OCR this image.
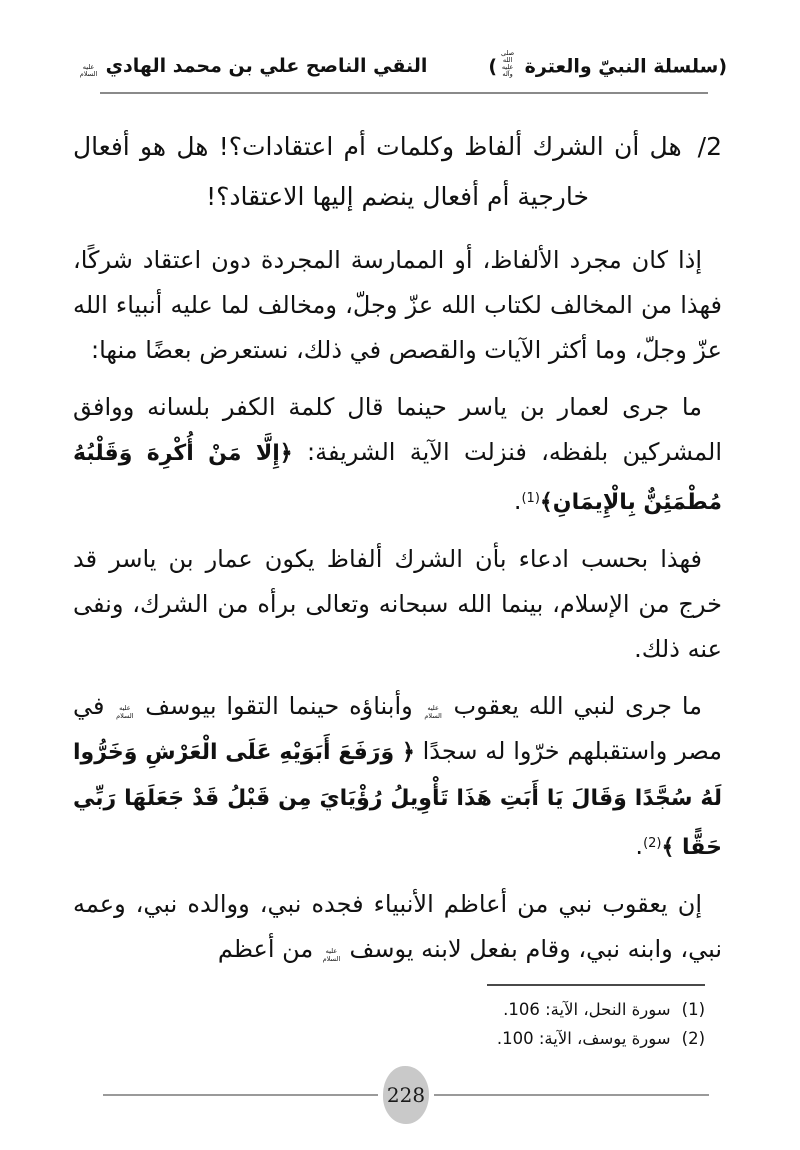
(سلسلة النبيّ والعترة صلى الله عليه وآله)
النقي الناصح علي بن محمد الهادي عليه السلام

2/هل أن الشرك ألفاظ وكلمات أم اعتقادات؟! هل هو أفعال خارجية أم أفعال ينضم إليها الاعتقاد؟!

إذا كان مجرد الألفاظ، أو الممارسة المجردة دون اعتقاد شركًا، فهذا من المخالف لكتاب الله عزّ وجلّ، ومخالف لما عليه أنبياء الله عزّ وجلّ، وما أكثر الآيات والقصص في ذلك، نستعرض بعضًا منها:

ما جرى لعمار بن ياسر حينما قال كلمة الكفر بلسانه ووافق المشركين بلفظه، فنزلت الآية الشريفة: ﴿إِلَّا مَنْ أُكْرِهَ وَقَلْبُهُ مُطْمَئِنٌّ بِالْإِيمَانِ﴾$^{(1)}$.

فهذا بحسب ادعاء بأن الشرك ألفاظ يكون عمار بن ياسر قد خرج من الإسلام، بينما الله سبحانه وتعالى برأه من الشرك، ونفى عنه ذلك.

ما جرى لنبي الله يعقوب عليه السلام وأبناؤه حينما التقوا بيوسف عليه السلام في مصر واستقبلهم خرّوا له سجدًا ﴿ وَرَفَعَ أَبَوَيْهِ عَلَى الْعَرْشِ وَخَرُّوا لَهُ سُجَّدًا وَقَالَ يَا أَبَتِ هَذَا تَأْوِيلُ رُؤْيَايَ مِن قَبْلُ قَدْ جَعَلَهَا رَبِّي حَقًّا ﴾$^{(2)}$.

إن يعقوب نبي من أعاظم الأنبياء فجده نبي، ووالده نبي، وعمه نبي، وابنه نبي، وقام بفعل لابنه يوسف عليه السلام من أعظم

(1)
سورة النحل، الآية: 106.
(2)
سورة يوسف، الآية: 100.
228
